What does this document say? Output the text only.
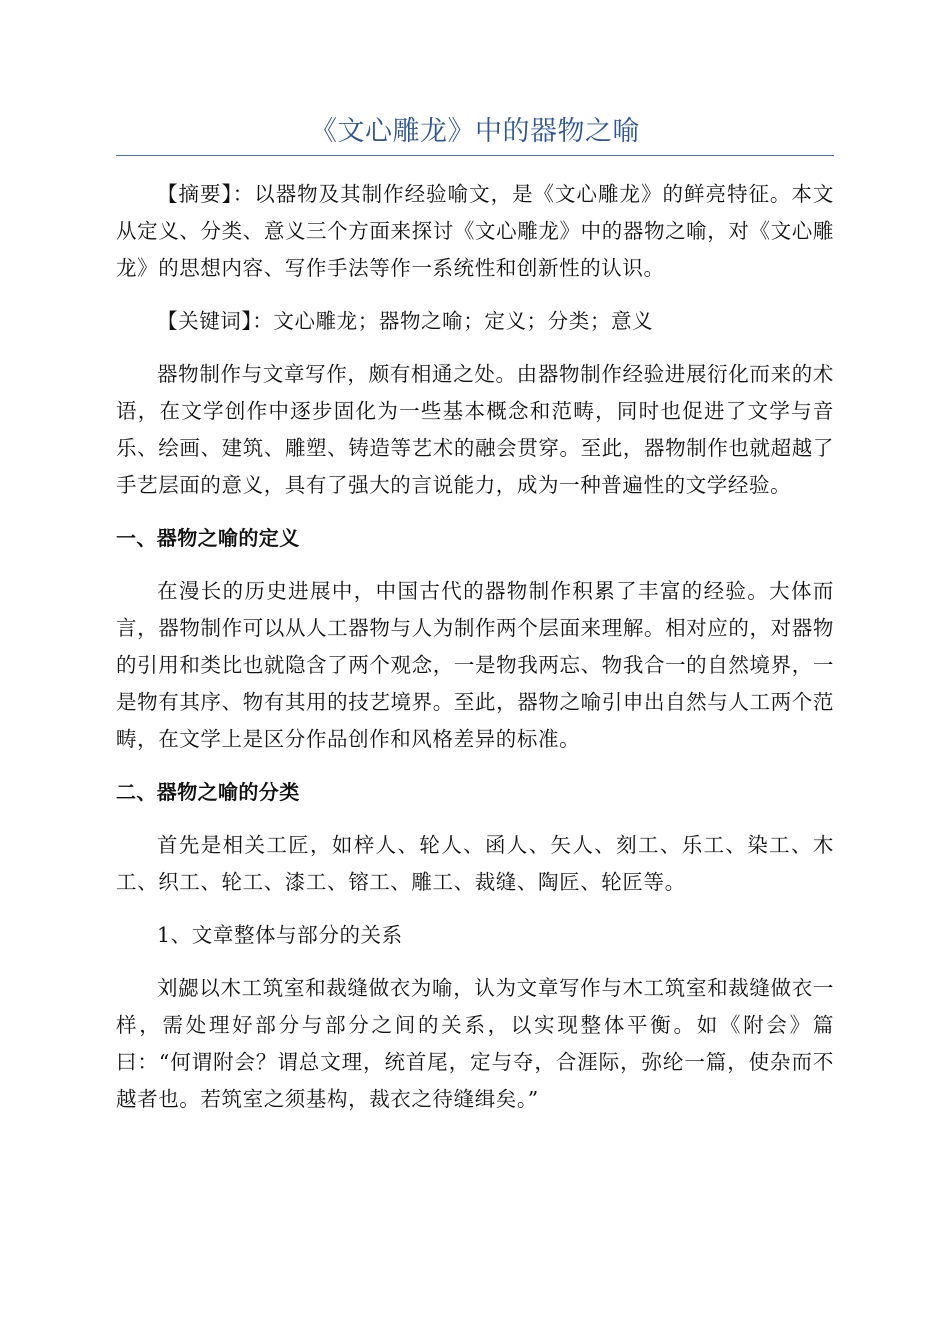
《文心雕龙》中的器物之喻

【摘要】：以器物及其制作经验喻文，是《文心雕龙》的鲜亮特征。本文从定义、分类、意义三个方面来探讨《文心雕龙》中的器物之喻，对《文心雕龙》的思想内容、写作手法等作一系统性和创新性的认识。

【关键词】：文心雕龙；器物之喻；定义；分类；意义

器物制作与文章写作，颇有相通之处。由器物制作经验进展衍化而来的术语，在文学创作中逐步固化为一些基本概念和范畴，同时也促进了文学与音乐、绘画、建筑、雕塑、铸造等艺术的融会贯穿。至此，器物制作也就超越了手艺层面的意义，具有了强大的言说能力，成为一种普遍性的文学经验。

一、器物之喻的定义

在漫长的历史进展中，中国古代的器物制作积累了丰富的经验。大体而言，器物制作可以从人工器物与人为制作两个层面来理解。相对应的，对器物的引用和类比也就隐含了两个观念，一是物我两忘、物我合一的自然境界，一是物有其序、物有其用的技艺境界。至此，器物之喻引申出自然与人工两个范畴，在文学上是区分作品创作和风格差异的标准。

二、器物之喻的分类

首先是相关工匠，如梓人、轮人、函人、矢人、刻工、乐工、染工、木工、织工、轮工、漆工、镕工、雕工、裁缝、陶匠、轮匠等。

1、文章整体与部分的关系

刘勰以木工筑室和裁缝做衣为喻，认为文章写作与木工筑室和裁缝做衣一样，需处理好部分与部分之间的关系，以实现整体平衡。如《附会》篇曰：“何谓附会？谓总文理，统首尾，定与夺，合涯际，弥纶一篇，使杂而不越者也。若筑室之须基构，裁衣之待缝缉矣。”
